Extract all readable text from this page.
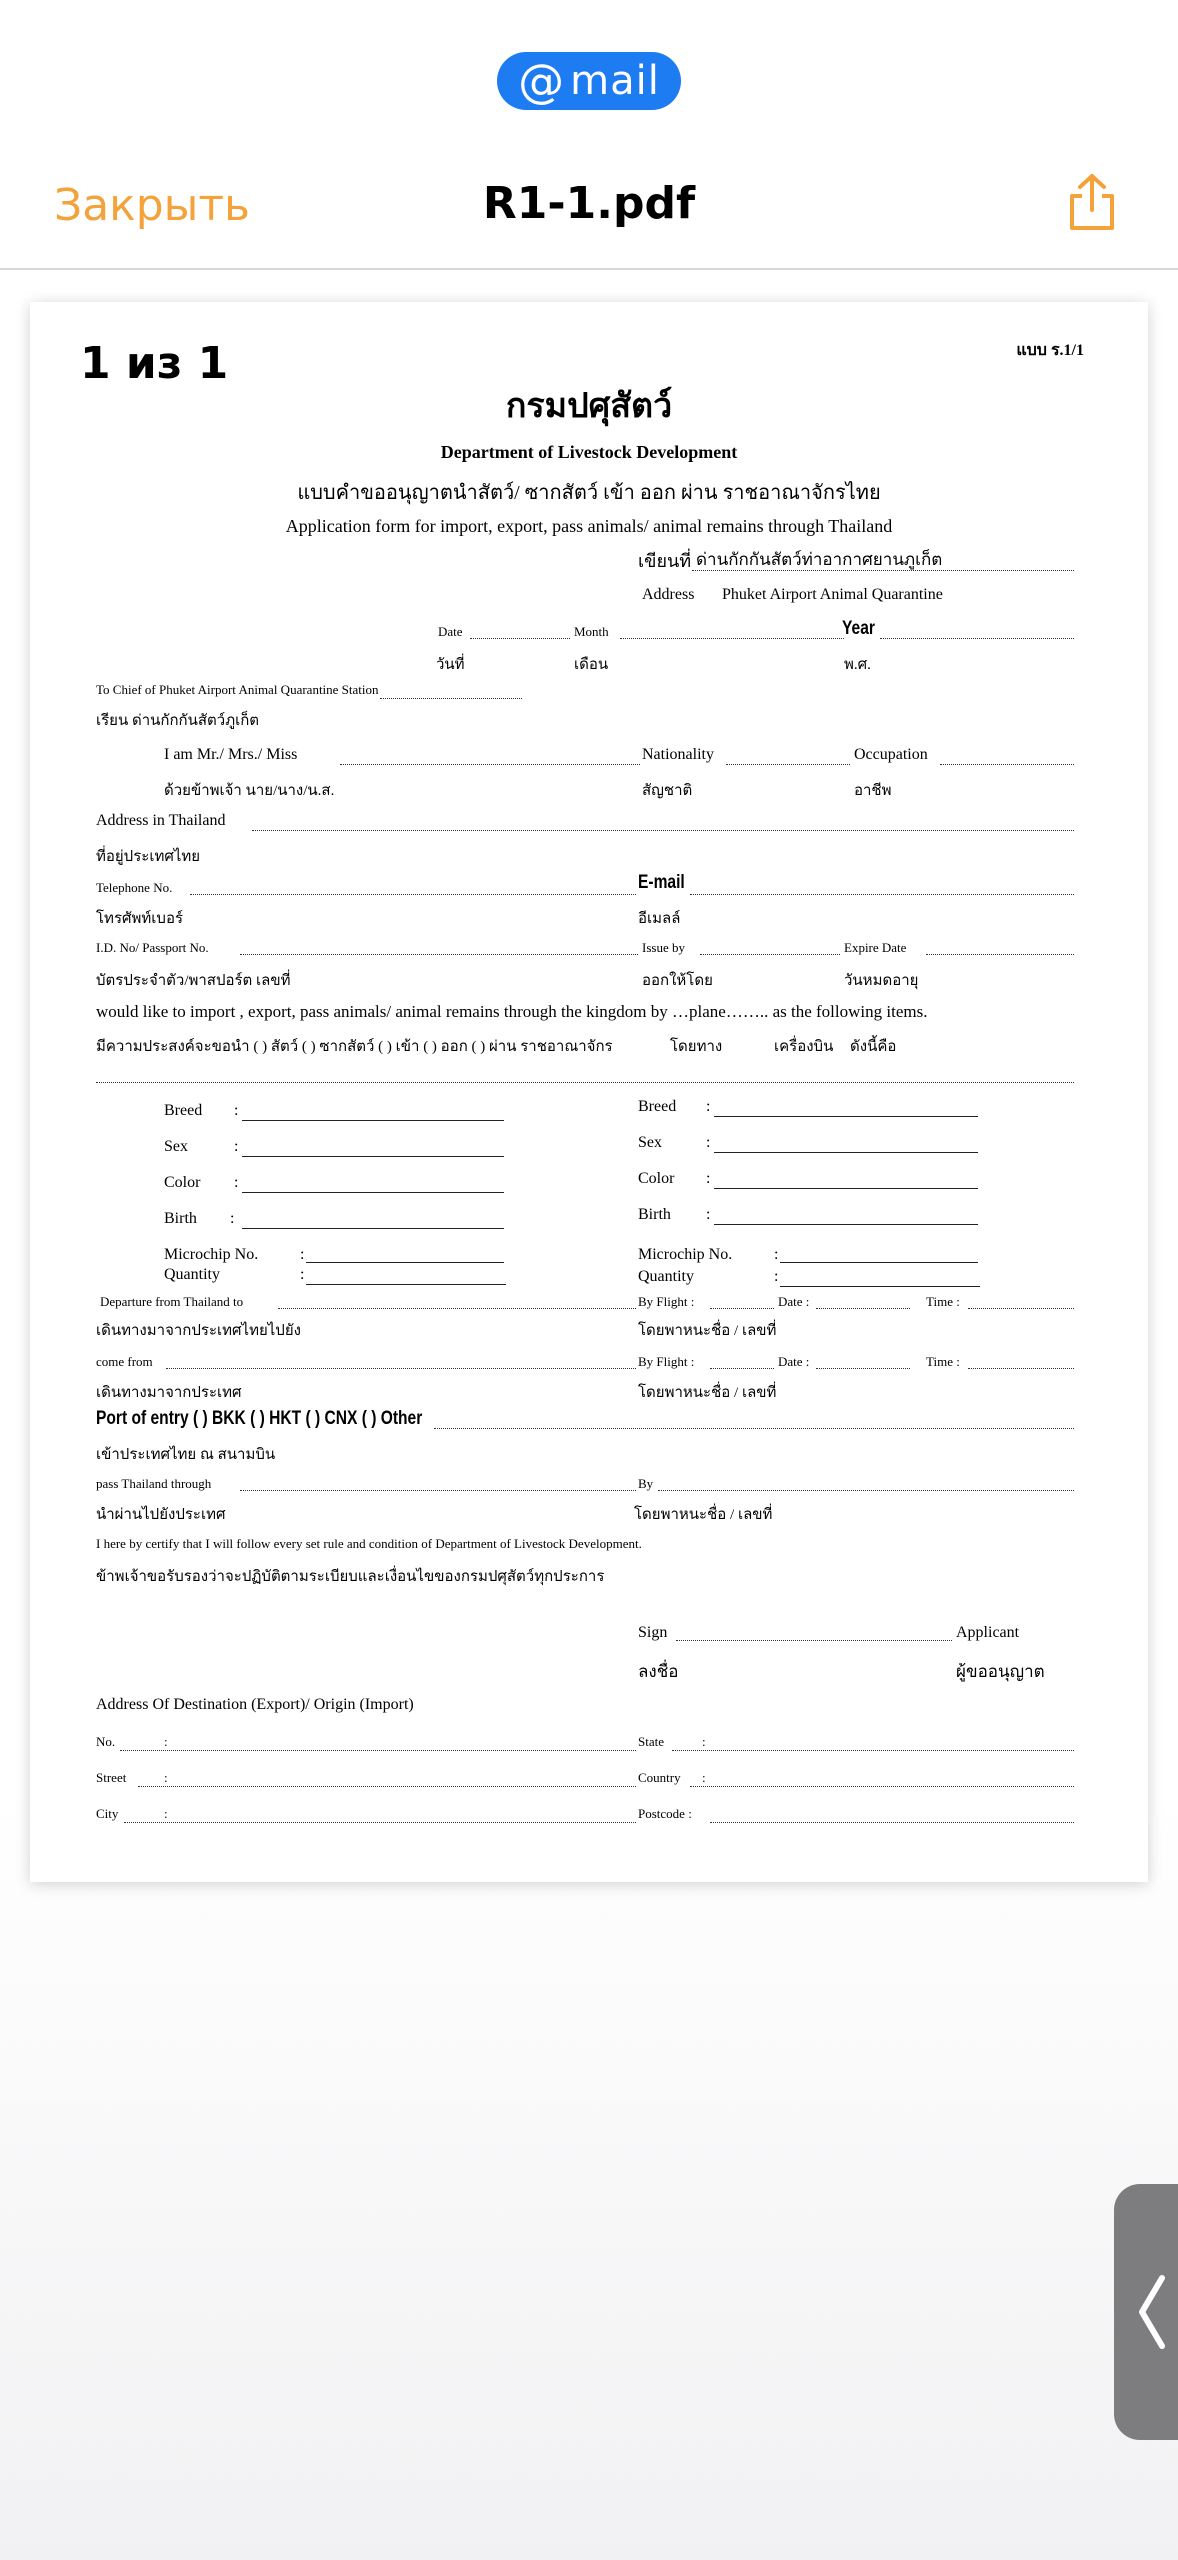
@ mail
Закрыть	R1-1.pdf
1 из 1	แบบ ร.1/1
กรมปศุสัตว์
Department of Livestock Development
แบบคำขออนุญาตนำสัตว์/ ซากสัตว์ เข้า ออก ผ่าน ราชอาณาจักรไทย
Application form for import, export, pass animals/ animal remains through Thailand
เขียนที่ ด่านกักกันสัตว์ท่าอากาศยานภูเก็ต
Address Phuket Airport Animal Quarantine
Date	Month	Year
วันที่	เดือน	พ.ศ.
To Chief of Phuket Airport Animal Quarantine Station
เรียน ด่านกักกันสัตว์ภูเก็ต
I am Mr./ Mrs./ Miss	Nationality	Occupation
ด้วยข้าพเจ้า นาย/นาง/น.ส.	สัญชาติ	อาชีพ
Address in Thailand
ที่อยู่ประเทศไทย
Telephone No.	E-mail
โทรศัพท์เบอร์	อีเมลล์
I.D. No/ Passport No.	Issue by	Expire Date
บัตรประจำตัว/พาสปอร์ต เลขที่	ออกให้โดย	วันหมดอายุ
would like to import , export, pass animals/ animal remains through the kingdom by …plane…….. as the following items.
มีความประสงค์จะขอนำ ( ) สัตว์ ( ) ซากสัตว์ ( ) เข้า ( ) ออก ( ) ผ่าน ราชอาณาจักร	โดยทาง	เครื่องบิน ดังนี้คือ
Breed :
Sex	:
Color :
Birth :
Microchip No.	:
Quantity	:
Breed :
Sex	:
Color :
Birth :
Microchip No.	:
Quantity	:
Departure from Thailand to	By Flight :	Date :	Time :
เดินทางมาจากประเทศไทยไปยัง	โดยพาหนะชื่อ / เลขที่
come from	By Flight :	Date :	Time :
เดินทางมาจากประเทศ	โดยพาหนะชื่อ / เลขที่
Port of entry ( ) BKK ( ) HKT ( ) CNX ( ) Other
เข้าประเทศไทย ณ สนามบิน
pass Thailand through	By
นำผ่านไปยังประเทศ	โดยพาหนะชื่อ / เลขที่
I here by certify that I will follow every set rule and condition of Department of Livestock Development.
ข้าพเจ้าขอรับรองว่าจะปฏิบัติตามระเบียบและเงื่อนไขของกรมปศุสัตว์ทุกประการ
Sign	Applicant
ลงชื่อ	ผู้ขออนุญาต
Address Of Destination (Export)/ Origin (Import)
No.	:	State	:
Street	:	Country :
City	:	Postcode :
